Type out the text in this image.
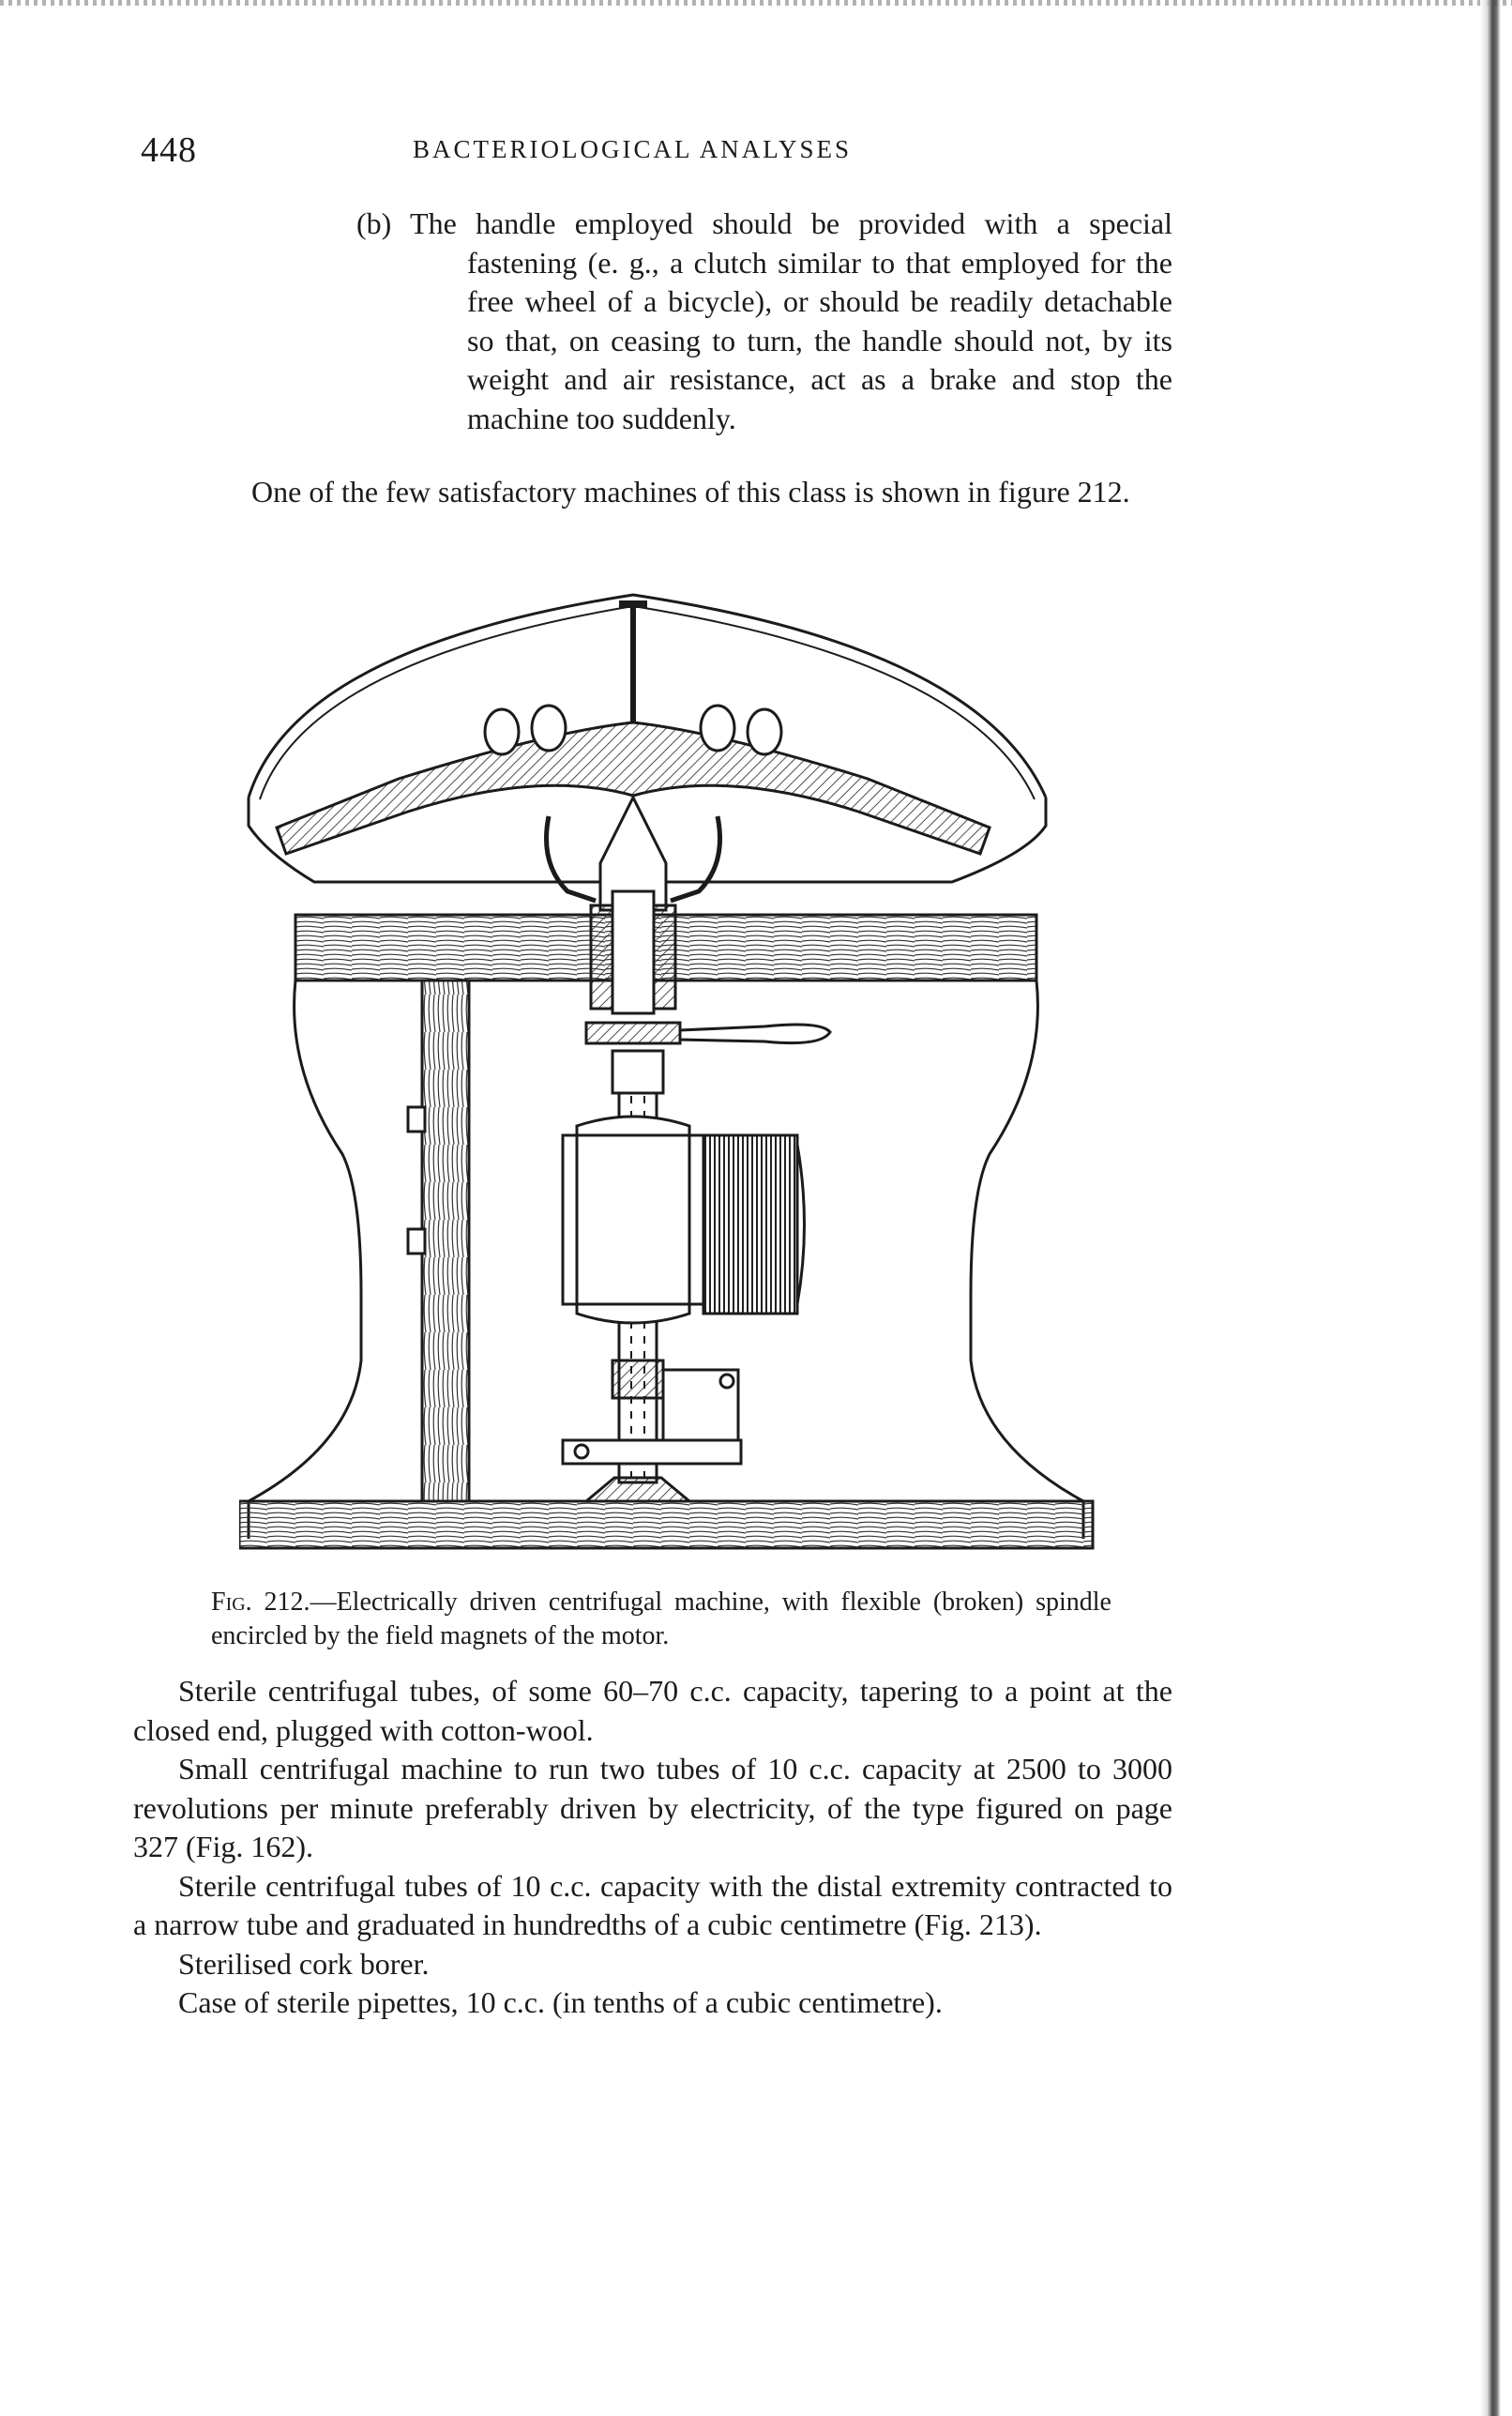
448	BACTERIOLOGICAL ANALYSES
(b) The handle employed should be provided with a special fastening (e. g., a clutch similar to that employed for the free wheel of a bicycle), or should be readily detachable so that, on ceasing to turn, the handle should not, by its weight and air resistance, act as a brake and stop the machine too suddenly.
One of the few satisfactory machines of this class is shown in figure 212.
Fig. 212.—Electrically driven centrifugal machine, with flexible (broken) spindle encircled by the field magnets of the motor.

Sterile centrifugal tubes, of some 60–70 c.c. capacity, tapering to a point at the closed end, plugged with cotton-wool.

Small centrifugal machine to run two tubes of 10 c.c. capacity at 2500 to 3000 revolutions per minute preferably driven by electricity, of the type figured on page 327 (Fig. 162).

Sterile centrifugal tubes of 10 c.c. capacity with the distal extremity contracted to a narrow tube and graduated in hundredths of a cubic centimetre (Fig. 213).

Sterilised cork borer.

Case of sterile pipettes, 10 c.c. (in tenths of a cubic centimetre).
